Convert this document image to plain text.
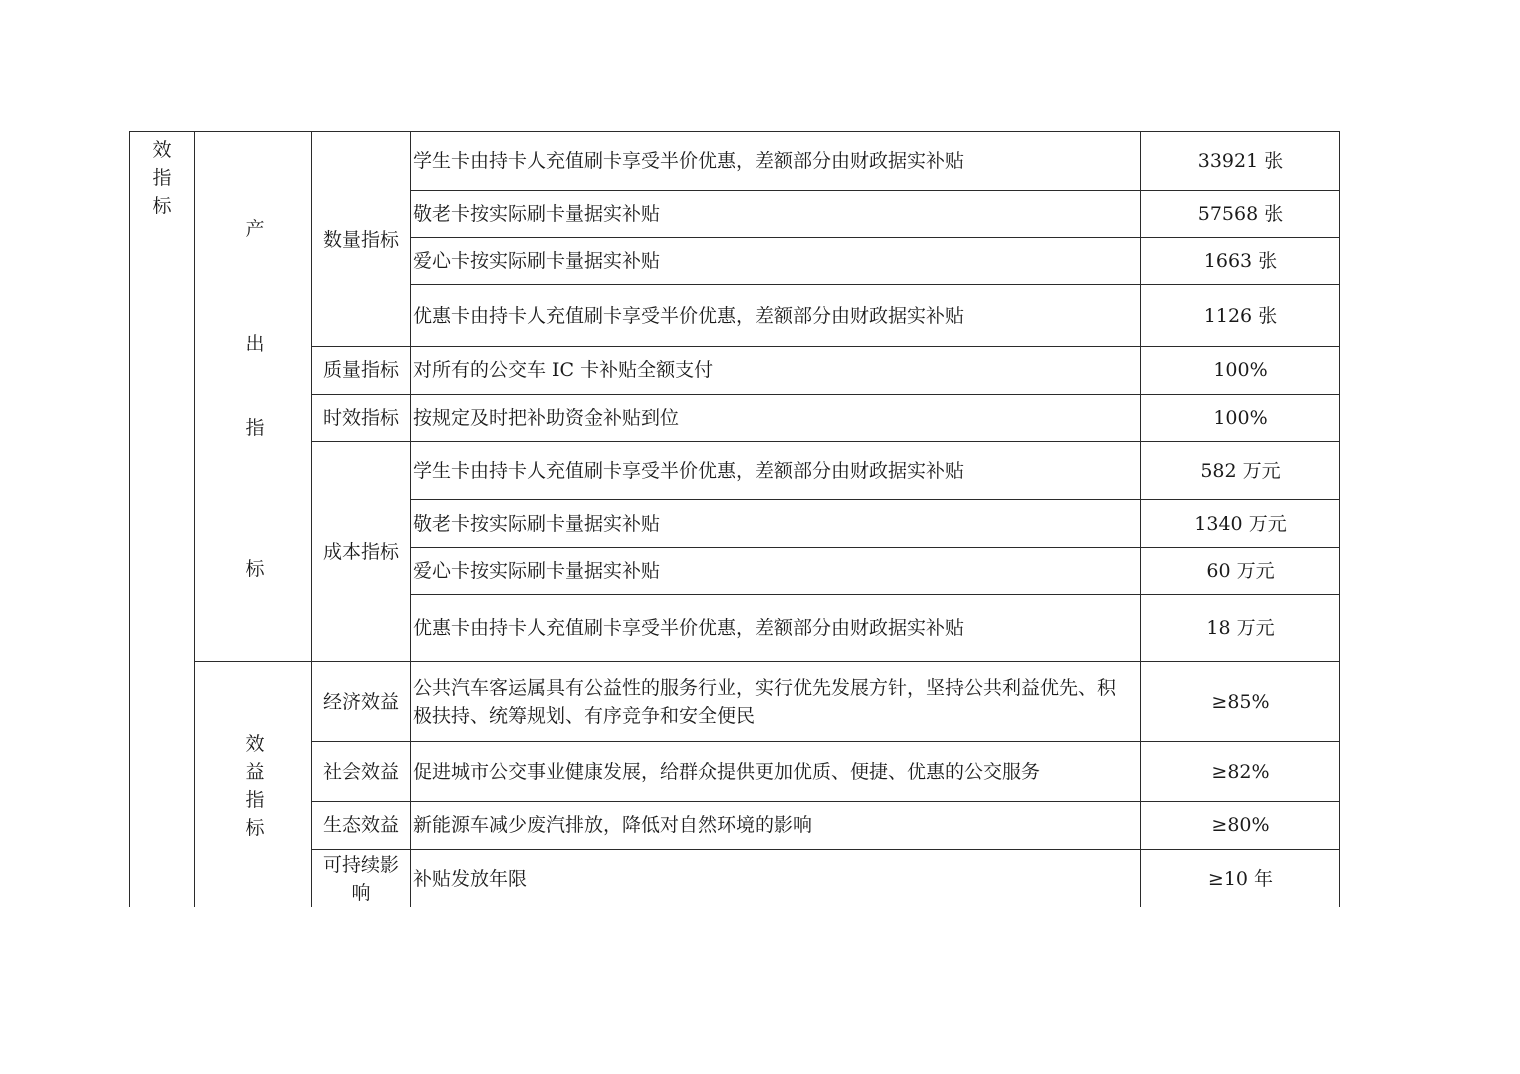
效
指
标
产
出
指
标
效
益
指
标
数量指标
质量指标
时效指标
成本指标
经济效益
社会效益
生态效益
可持续影
响
学生卡由持卡人充值刷卡享受半价优惠，差额部分由财政据实补贴
敬老卡按实际刷卡量据实补贴
爱心卡按实际刷卡量据实补贴
优惠卡由持卡人充值刷卡享受半价优惠，差额部分由财政据实补贴
对所有的公交车 IC 卡补贴全额支付
按规定及时把补助资金补贴到位
学生卡由持卡人充值刷卡享受半价优惠，差额部分由财政据实补贴
敬老卡按实际刷卡量据实补贴
爱心卡按实际刷卡量据实补贴
优惠卡由持卡人充值刷卡享受半价优惠，差额部分由财政据实补贴
公共汽车客运属具有公益性的服务行业，实行优先发展方针，坚持公共利益优先、积
极扶持、统筹规划、有序竞争和安全便民
促进城市公交事业健康发展，给群众提供更加优质、便捷、优惠的公交服务
新能源车减少废汽排放，降低对自然环境的影响
补贴发放年限
33921 张
57568 张
1663 张
1126 张
100%
100%
582 万元
1340 万元
60 万元
18 万元
≥85%
≥82%
≥80%
≥10 年
